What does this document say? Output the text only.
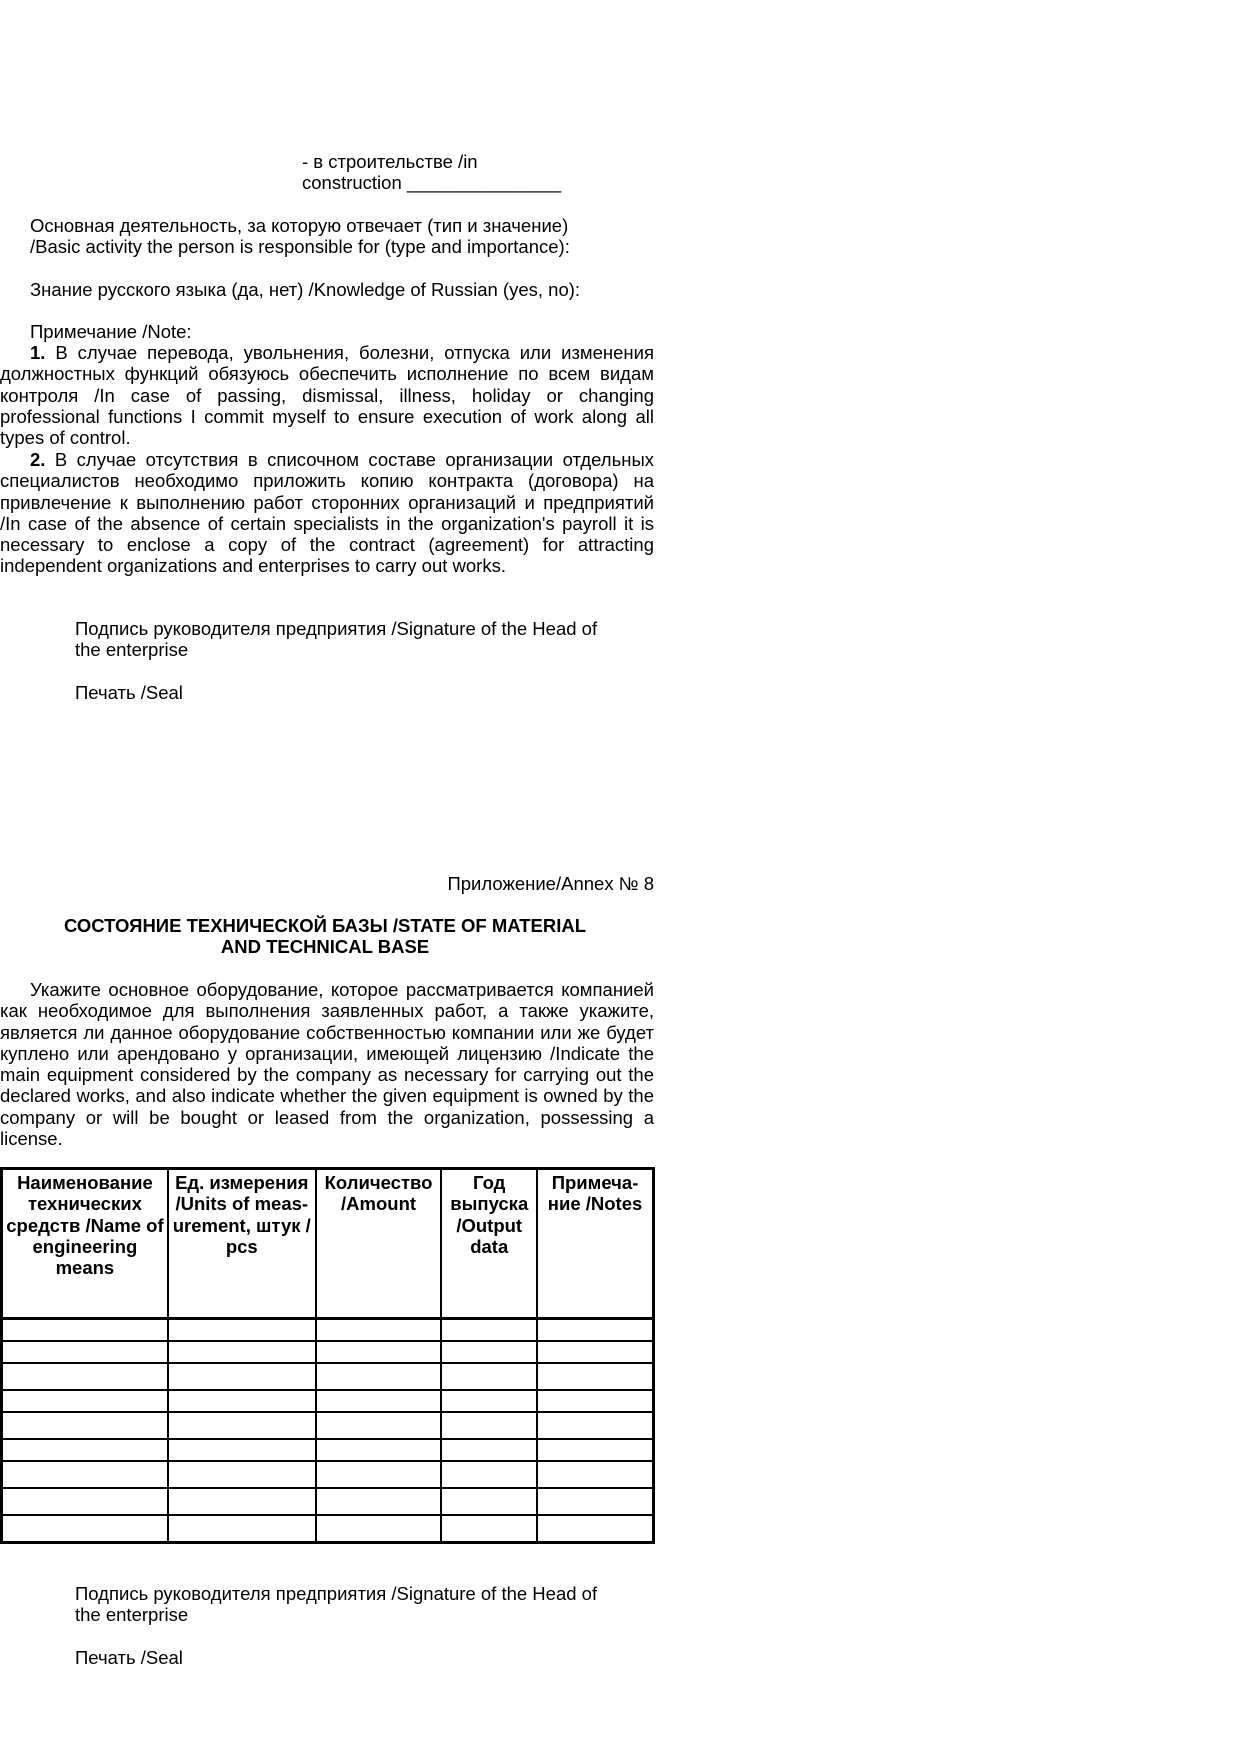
- в строительстве /in
construction _______________
Основная деятельность, за которую отвечает (тип и значение)
/Basic activity the person is responsible for (type and importance):
Знание русского языка (да, нет) /Knowledge of Russian (yes, no):
Примечание /Note:

1. В случае перевода, увольнения, болезни, отпуска или изменения должностных функций обязуюсь обеспечить исполнение по всем видам контроля /In case of passing, dismissal, illness, holiday or changing professional functions I commit myself to ensure execution of work along all types of control.

2. В случае отсутствия в списочном составе организации отдельных специалистов необходимо приложить копию контракта (договора) на привлечение к выполнению работ сторонних организаций и предприятий /In case of the absence of certain specialists in the organization's payroll it is necessary to enclose a copy of the contract (agreement) for attracting independent organizations and enterprises to carry out works.

Подпись руководителя предприятия /Signature of the Head of
the enterprise
Печать /Seal
Приложение/Annex № 8
СОСТОЯНИЕ ТЕХНИЧЕСКОЙ БАЗЫ /STATE OF MATERIAL
AND TECHNICAL BASE

Укажите основное оборудование, которое рассматривается компанией как необходимое для выполнения заявленных работ, а также укажите, является ли данное оборудование собственностью компании или же будет куплено или арендовано у организации, имеющей лицензию /Indicate the main equipment considered by the company as necessary for carrying out the declared works, and also indicate whether the given equipment is owned by the company or will be bought or leased from the organization, possessing a license.

Наименование технических средств /Name of engineering means	Ед. измерения /Units of meas-urement, штук / pcs	Количество /Amount	Год выпуска /Output data	Примеча-ние /Notes

Подпись руководителя предприятия /Signature of the Head of
the enterprise
Печать /Seal
